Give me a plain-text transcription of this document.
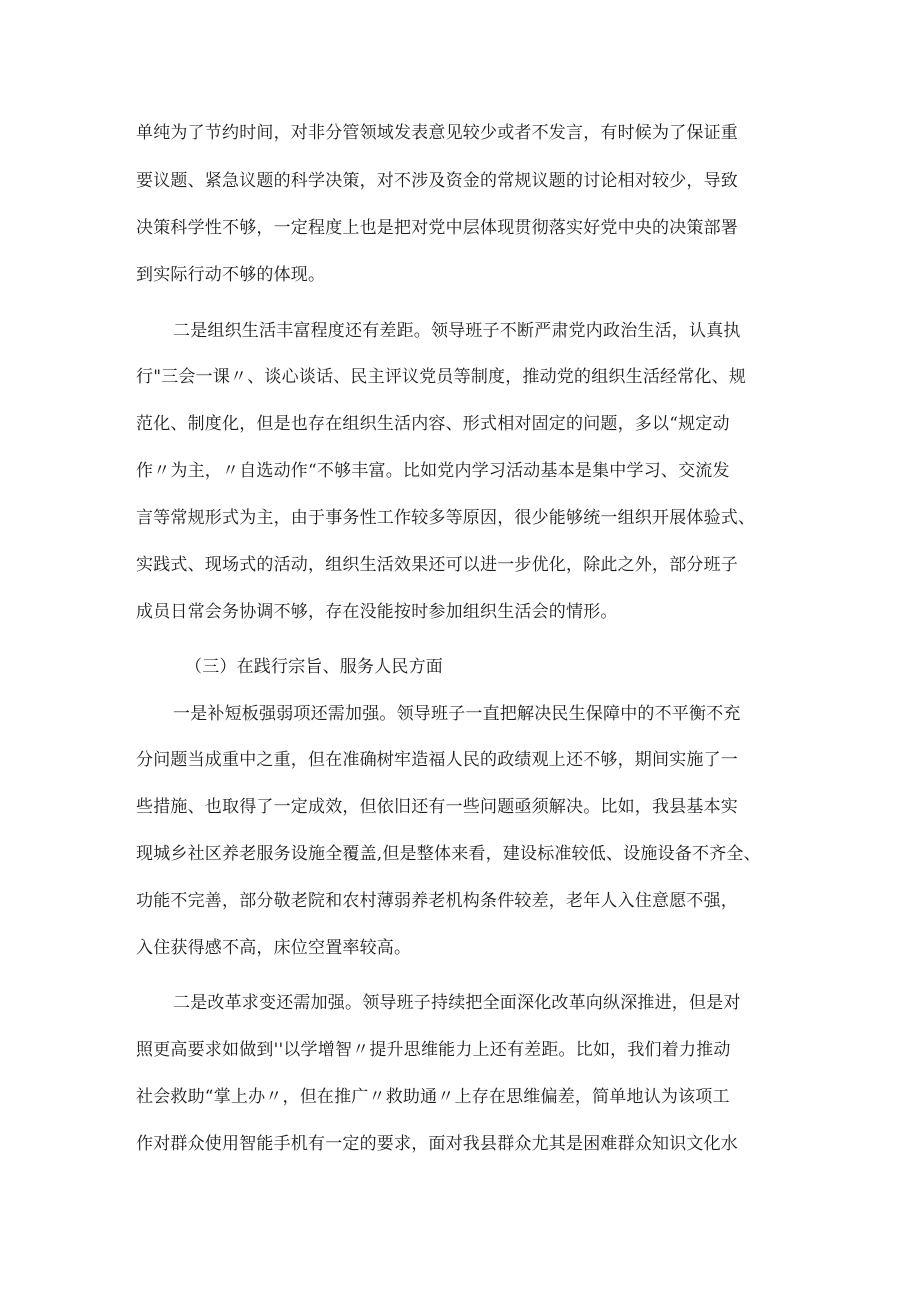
单纯为了节约时间，对非分管领域发表意见较少或者不发言，有时候为了保证重
要议题、紧急议题的科学决策，对不涉及资金的常规议题的讨论相对较少，导致
决策科学性不够，一定程度上也是把对党中层体现贯彻落实好党中央的决策部署
到实际行动不够的体现。
二是组织生活丰富程度还有差距。领导班子不断严肃党内政治生活，认真执
行"三会一课〃、谈心谈话、民主评议党员等制度，推动党的组织生活经常化、规
范化、制度化，但是也存在组织生活内容、形式相对固定的问题，多以“规定动
作〃为主，〃自选动作“不够丰富。比如党内学习活动基本是集中学习、交流发
言等常规形式为主，由于事务性工作较多等原因，很少能够统一组织开展体验式、
实践式、现场式的活动，组织生活效果还可以进一步优化，除此之外，部分班子
成员日常会务协调不够，存在没能按时参加组织生活会的情形。
（三）在践行宗旨、服务人民方面
一是补短板强弱项还需加强。领导班子一直把解决民生保障中的不平衡不充
分问题当成重中之重，但在准确树牢造福人民的政绩观上还不够，期间实施了一
些措施、也取得了一定成效，但依旧还有一些问题亟须解决。比如，我县基本实
现城乡社区养老服务设施全覆盖,但是整体来看，建设标准较低、设施设备不齐全、
功能不完善，部分敬老院和农村薄弱养老机构条件较差，老年人入住意愿不强，
入住获得感不高，床位空置率较高。
二是改革求变还需加强。领导班子持续把全面深化改革向纵深推进，但是对
照更高要求如做到''以学增智〃提升思维能力上还有差距。比如，我们着力推动
社会救助“掌上办〃，但在推广〃救助通〃上存在思维偏差，简单地认为该项工
作对群众使用智能手机有一定的要求，面对我县群众尤其是困难群众知识文化水
